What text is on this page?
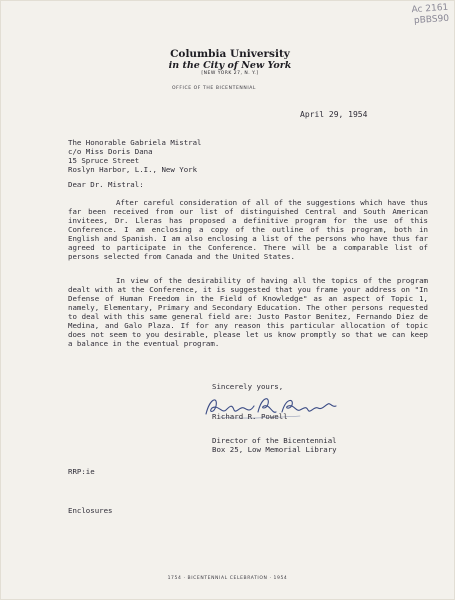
Ac 2161
pBBS90
Columbia University
in the City of New York
[NEW YORK 27, N. Y.]
OFFICE OF THE BICENTENNIAL
April 29, 1954
The Honorable Gabriela Mistral
c/o Miss Doris Dana
15 Spruce Street
Roslyn Harbor, L.I., New York
Dear Dr. Mistral:
After careful consideration of all of the suggestions which have thus far been received from our list of distinguished Central and South American invitees, Dr. Lleras has proposed a definitive program for the use of this Conference. I am enclosing a copy of the outline of this program, both in English and Spanish. I am also enclosing a list of the persons who have thus far agreed to participate in the Conference. There will be a comparable list of persons selected from Canada and the United States.
In view of the desirability of having all the topics of the program dealt with at the Conference, it is suggested that you frame your address on "In Defense of Human Freedom in the Field of Knowledge" as an aspect of Topic 1, namely, Elementary, Primary and Secondary Education. The other persons requested to deal with this same general field are: Justo Pastor Benitez, Fernando Diez de Medina, and Galo Plaza. If for any reason this particular allocation of topic does not seem to you desirable, please let us know promptly so that we can keep a balance in the eventual program.
Sincerely yours,
Richard R. Powell
Director of the Bicentennial
Box 25, Low Memorial Library
RRP:ie
Enclosures
1754 · BICENTENNIAL CELEBRATION · 1954
